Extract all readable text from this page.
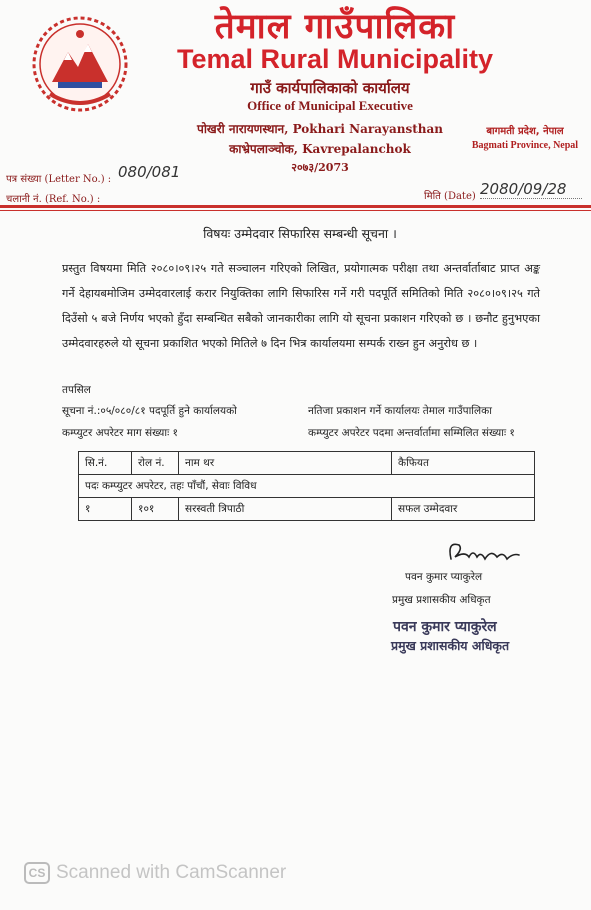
तेमाल गाउँपालिका
Temal Rural Municipality
गाउँ कार्यपालिकाको कार्यालय
Office of Municipal Executive
पोखरी नारायणस्थान, Pokhari Narayansthan
काभ्रेपलाञ्चोक, Kavrepalanchok
२०७३/2073
बागमती प्रदेश, नेपाल
Bagmati Province, Nepal
पत्र संख्या (Letter No.) : 080/081
चलानी नं. (Ref. No.) :	मिति (Date) 2080/09/28
विषयः उम्मेदवार सिफारिस सम्बन्धी सूचना ।
प्रस्तुत विषयमा मिति २०८०।०९।२५ गते सञ्चालन गरिएको लिखित, प्रयोगात्मक परीक्षा तथा अन्तर्वार्ताबाट प्राप्त अङ्क गर्ने देहायबमोजिम उम्मेदवारलाई करार नियुक्तिका लागि सिफारिस गर्ने गरी पदपूर्ति समितिको मिति २०८०।०९।२५ गते दिउँसो ५ बजे निर्णय भएको हुँदा सम्बन्धित सबैको जानकारीका लागि यो सूचना प्रकाशन गरिएको छ । छनौट हुनुभएका उम्मेदवारहरुले यो सूचना प्रकाशित भएको मितिले ७ दिन भित्र कार्यालयमा सम्पर्क राख्न हुन अनुरोध छ ।
तपसिल
सूचना नं.:०५/०८०/८१ पदपूर्ति हुने कार्यालयको	नतिजा प्रकाशन गर्ने कार्यालयः तेमाल गाउँपालिका
कम्प्युटर अपरेटर माग संख्याः १	कम्प्युटर अपरेटर पदमा अन्तर्वार्तामा सम्मिलित संख्याः १
सि.नं.	रोल नं.	नाम थर	कैफियत
पदः कम्प्युटर अपरेटर, तहः पाँचौं, सेवाः विविध			
१	१०१	सरस्वती त्रिपाठी	सफल उम्मेदवार
पवन कुमार प्याकुरेल
प्रमुख प्रशासकीय अधिकृत
पवन कुमार प्याकुरेल
प्रमुख प्रशासकीय अधिकृत
CS Scanned with CamScanner
